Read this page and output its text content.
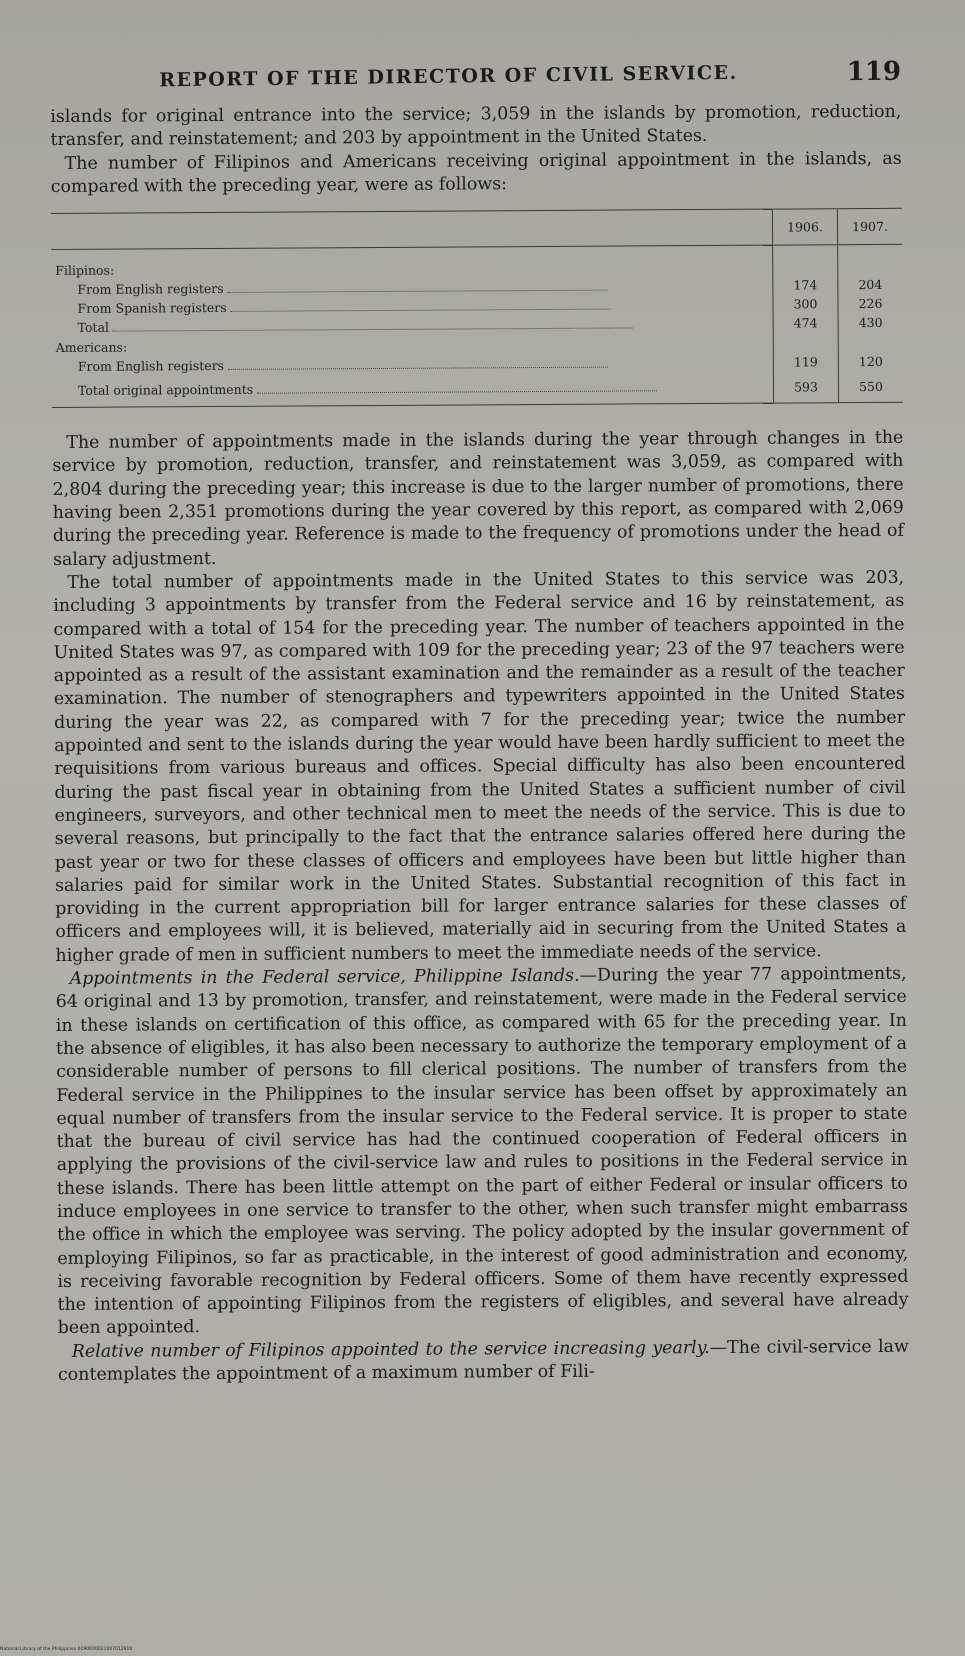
REPORT OF THE DIRECTOR OF CIVIL SERVICE.	119

islands for original entrance into the service; 3,059 in the islands by promotion, reduction, transfer, and reinstatement; and 203 by appointment in the United States.

The number of Filipinos and Americans receiving original appointment in the islands, as compared with the preceding year, were as follows:

	1906.	1907.
Filipinos:		
From English registers	174	204
From Spanish registers	300	226
Total	474	430
Americans:		
From English registers	119	120
Total original appointments	593	550

The number of appointments made in the islands during the year through changes in the service by promotion, reduction, transfer, and reinstatement was 3,059, as compared with 2,804 during the preceding year; this increase is due to the larger number of promotions, there having been 2,351 promotions during the year covered by this report, as compared with 2,069 during the preceding year. Reference is made to the frequency of promotions under the head of salary adjustment.

The total number of appointments made in the United States to this service was 203, including 3 appointments by transfer from the Federal service and 16 by reinstatement, as compared with a total of 154 for the preceding year. The number of teachers appointed in the United States was 97, as compared with 109 for the preceding year; 23 of the 97 teachers were appointed as a result of the assistant examination and the remainder as a result of the teacher examination. The number of stenographers and typewriters appointed in the United States during the year was 22, as compared with 7 for the preceding year; twice the number appointed and sent to the islands during the year would have been hardly sufficient to meet the requisitions from various bureaus and offices. Special difficulty has also been encountered during the past fiscal year in obtaining from the United States a sufficient number of civil engineers, surveyors, and other technical men to meet the needs of the service. This is due to several reasons, but principally to the fact that the entrance salaries offered here during the past year or two for these classes of officers and employees have been but little higher than salaries paid for similar work in the United States. Substantial recognition of this fact in providing in the current appropriation bill for larger entrance salaries for these classes of officers and employees will, it is believed, materially aid in securing from the United States a higher grade of men in sufficient numbers to meet the immediate needs of the service.

Appointments in the Federal service, Philippine Islands.—During the year 77 appointments, 64 original and 13 by promotion, transfer, and reinstatement, were made in the Federal service in these islands on certification of this office, as compared with 65 for the preceding year. In the absence of eligibles, it has also been necessary to authorize the temporary employment of a considerable number of persons to fill clerical positions. The number of transfers from the Federal service in the Philippines to the insular service has been offset by approximately an equal number of transfers from the insular service to the Federal service. It is proper to state that the bureau of civil service has had the continued cooperation of Federal officers in applying the provisions of the civil-service law and rules to positions in the Federal service in these islands. There has been little attempt on the part of either Federal or insular officers to induce employees in one service to transfer to the other, when such transfer might embarrass the office in which the employee was serving. The policy adopted by the insular government of employing Filipinos, so far as practicable, in the interest of good administration and economy, is receiving favorable recognition by Federal officers. Some of them have recently expressed the intention of appointing Filipinos from the registers of eligibles, and several have already been appointed.

Relative number of Filipinos appointed to the service increasing yearly.—The civil-service law contemplates the appointment of a maximum number of Fili-

National Library of the Philippines 0190R00021007012910
